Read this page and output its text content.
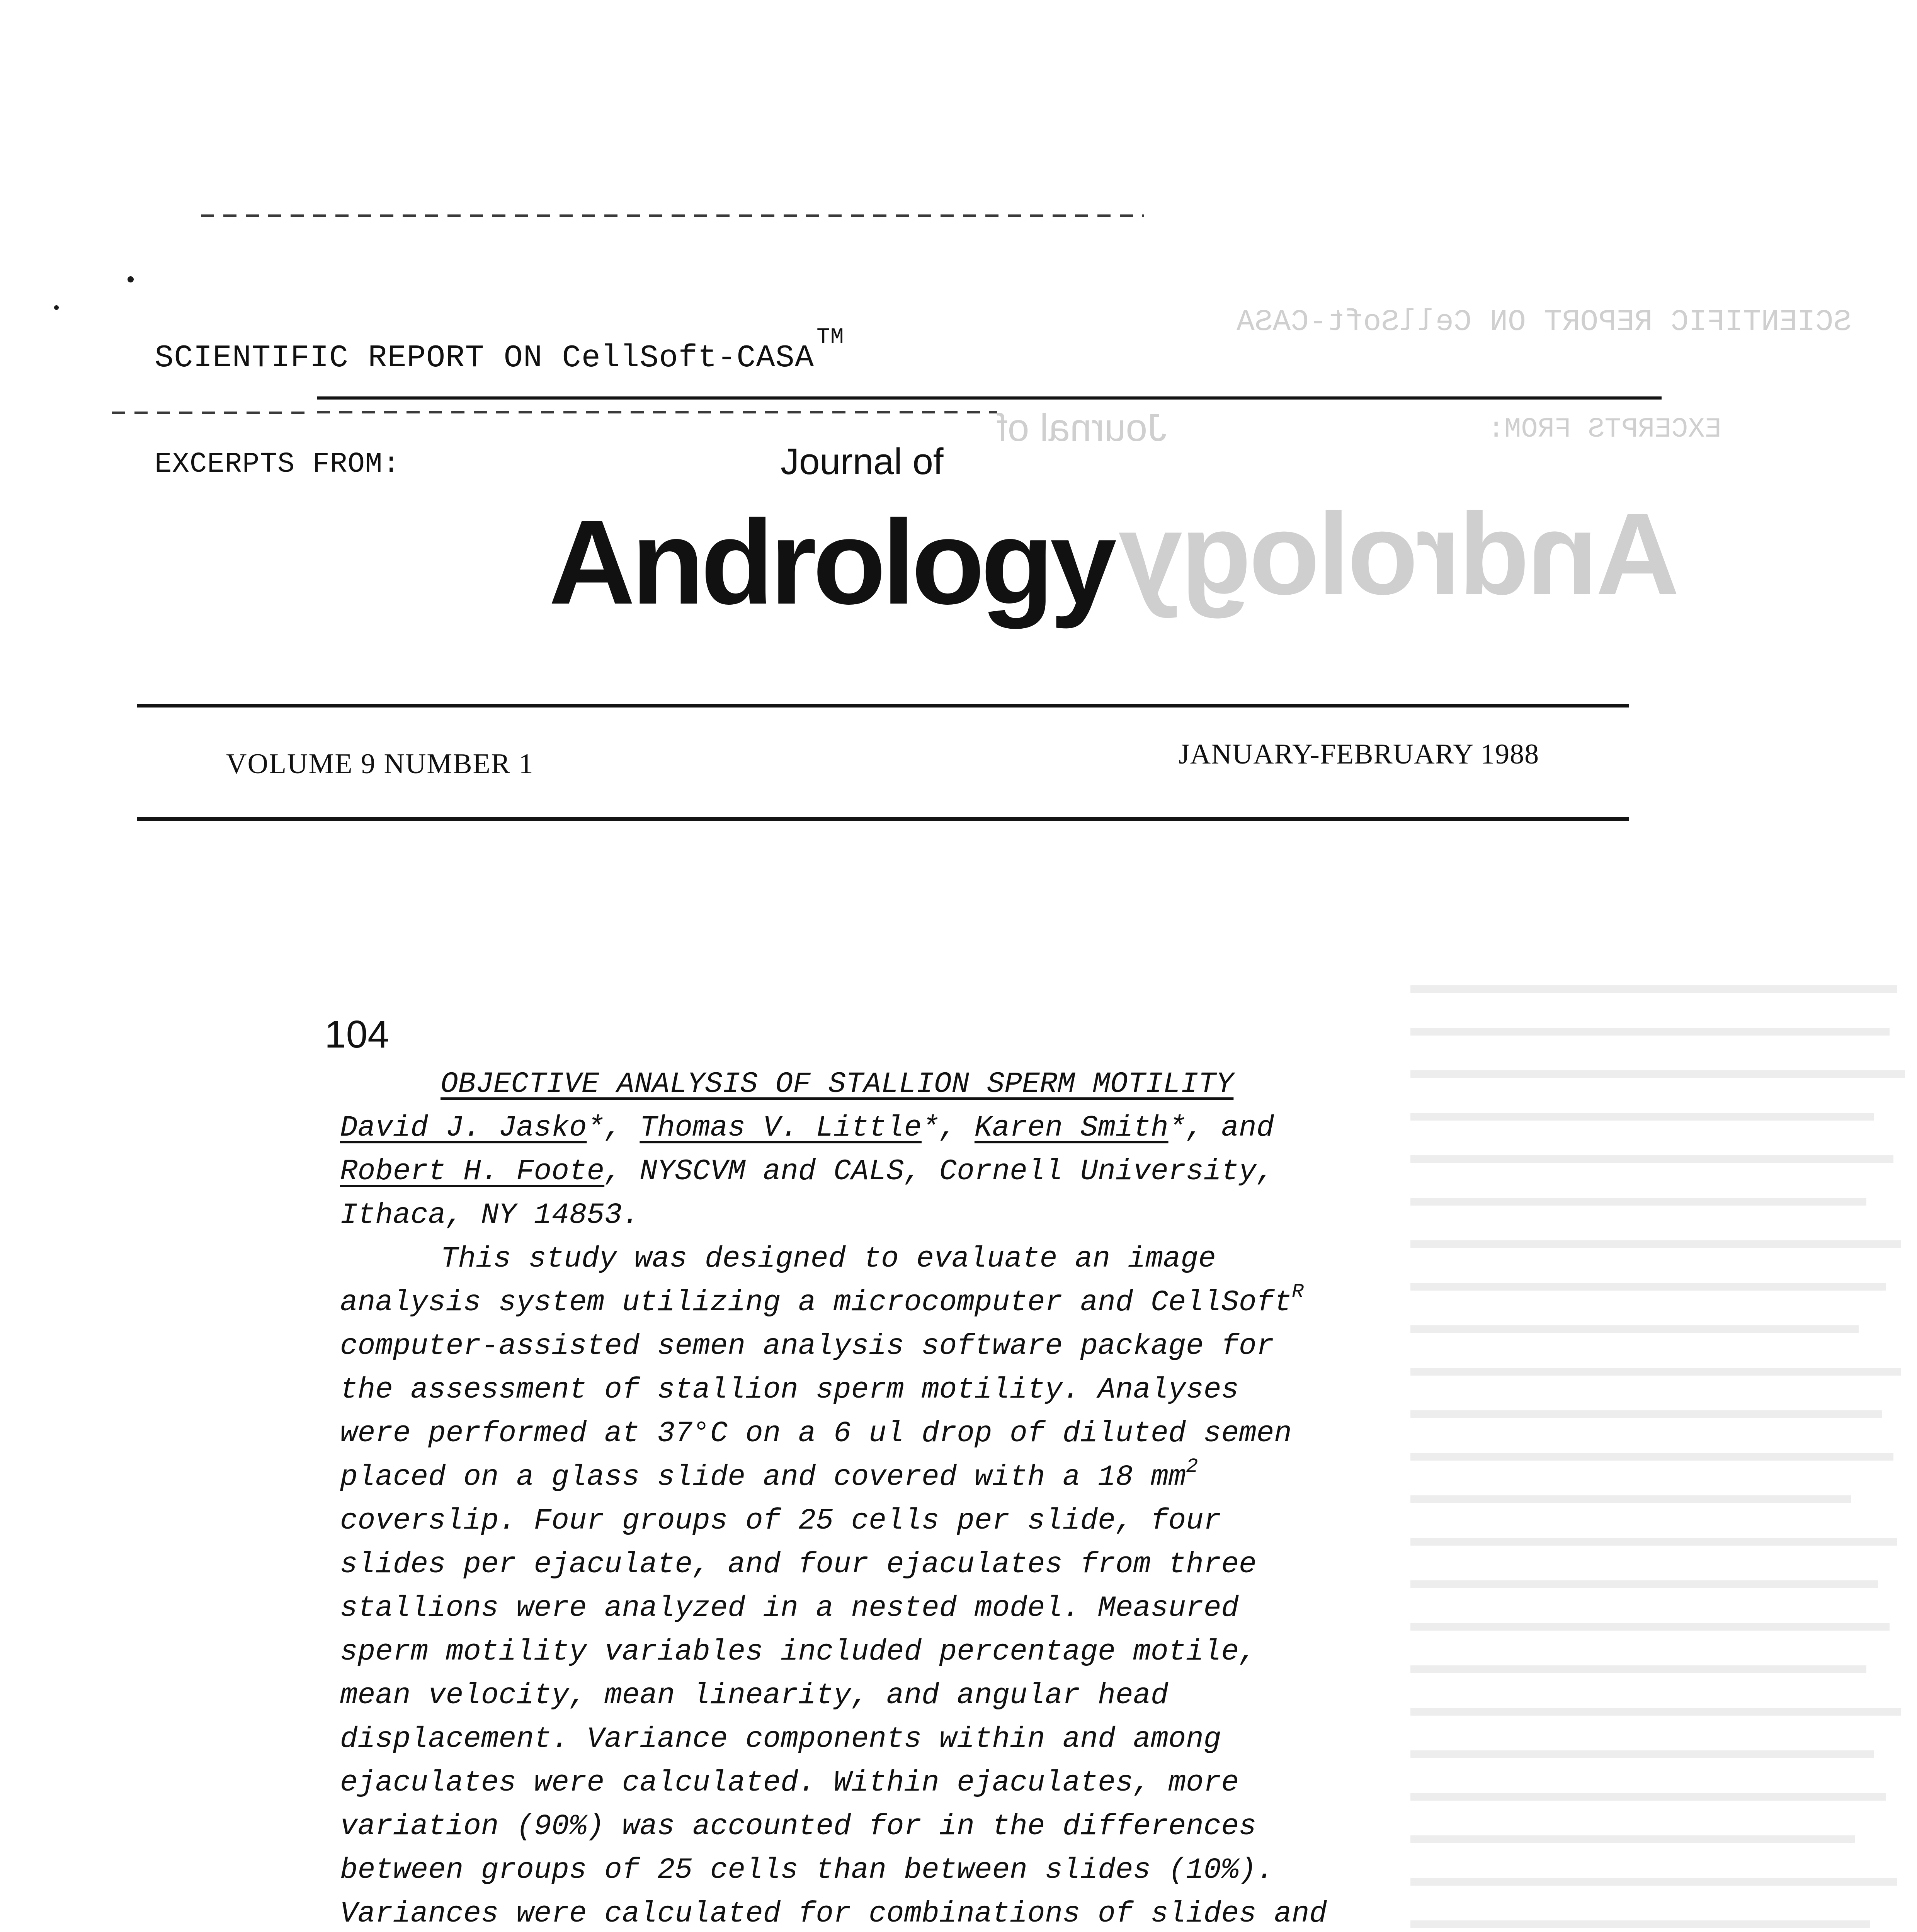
SCIENTIFIC REPORT ON CellSoft-CASA
EXCERPTS FROM:
Journal of
Andrology
SCIENTIFIC REPORT ON CellSoft-CASA™
EXCERPTS FROM:	Journal of
Andrology
VOLUME 9 NUMBER 1	JANUARY-FEBRUARY 1988
104
OBJECTIVE ANALYSIS OF STALLION SPERM MOTILITY
David J. Jasko*, Thomas V. Little*, Karen Smith*, and
Robert H. Foote, NYSCVM and CALS, Cornell University,
Ithaca, NY 14853.
This study was designed to evaluate an image
analysis system utilizing a microcomputer and CellSoft$^R$
computer-assisted semen analysis software package for
the assessment of stallion sperm motility. Analyses
were performed at 37°C on a 6 ul drop of diluted semen
placed on a glass slide and covered with a 18 $mm^2$
coverslip. Four groups of 25 cells per slide, four
slides per ejaculate, and four ejaculates from three
stallions were analyzed in a nested model. Measured
sperm motility variables included percentage motile,
mean velocity, mean linearity, and angular head
displacement. Variance components within and among
ejaculates were calculated. Within ejaculates, more
variation (90%) was accounted for in the differences
between groups of 25 cells than between slides (10%).
Variances were calculated for combinations of slides and
